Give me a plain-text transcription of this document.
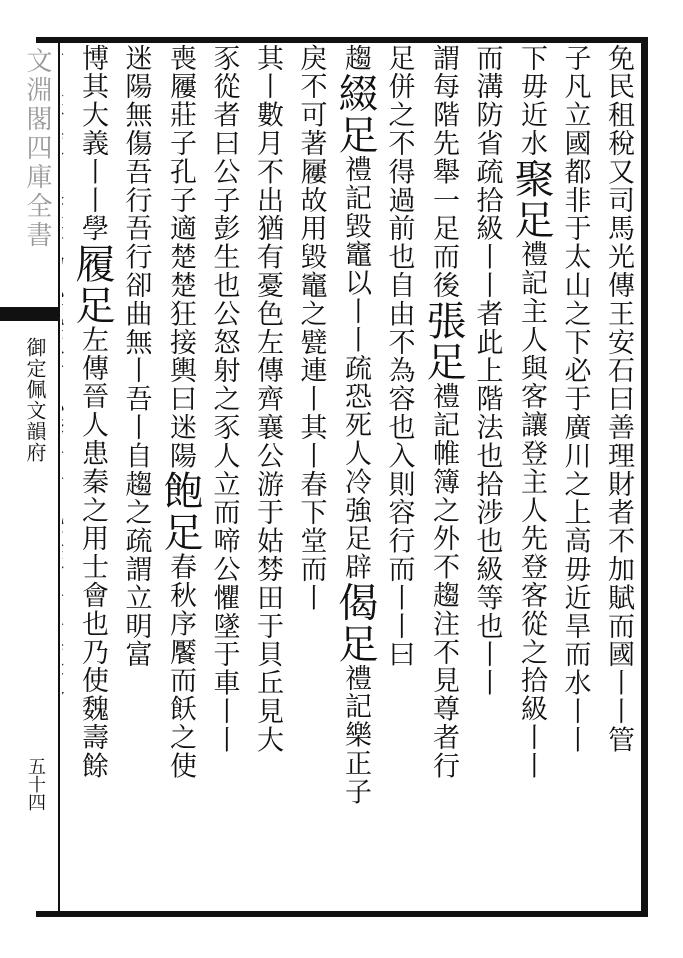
文淵閣四庫全書
御定佩文韻府
五十四
免民租稅又司馬光傳王安石曰善理財者不加賦而國丨丨管
子凡立國都非于太山之下必于廣川之上高毋近旱而水丨丨
下毋近水聚足禮記主人與客讓登主人先登客從之拾級丨丨
而溝防省疏拾級丨丨者此上階法也拾涉也級等也丨丨
謂每階先舉一足而後張足禮記帷簿之外不趨注不見尊者行
足併之不得過前也自由不為容也入則容行而丨丨曰
趨綴足禮記毀竈以丨丨疏恐死人冷強足辟偈足禮記樂正子
戾不可著屨故用毀竈之甓連丨其丨春下堂而丨
其丨數月不出猶有憂色左傳齊襄公游于姑棼田于貝丘見大
豕從者曰公子彭生也公怒射之豕人立而啼公懼墜于車丨丨
喪屨莊子孔子適楚楚狂接輿曰迷陽飽足春秋序饜而飫之使
迷陽無傷吾行吾行卻曲無丨吾丨自趨之疏謂立明富
博其大義丨丨學履足左傳晉人患秦之用士會也乃使魏壽餘
